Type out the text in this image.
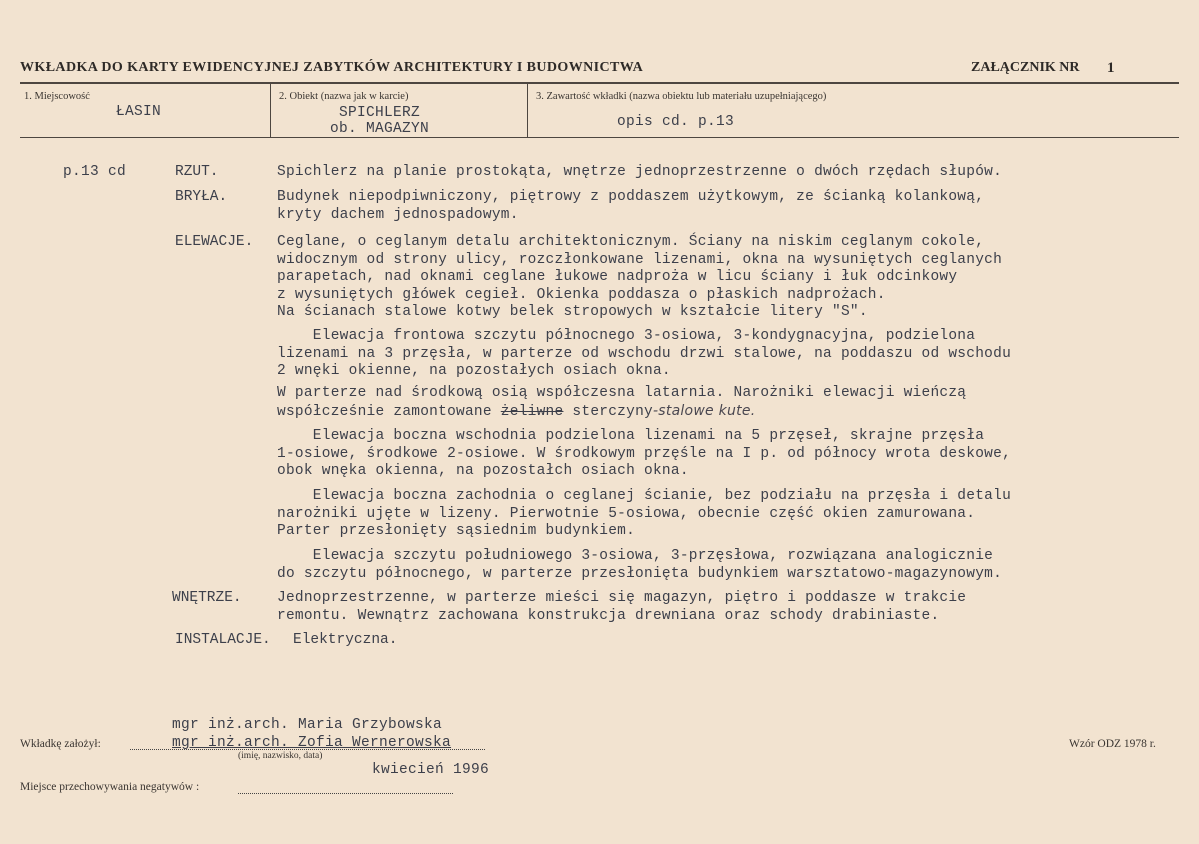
WKŁADKA DO KARTY EWIDENCYJNEJ ZABYTKÓW ARCHITEKTURY I BUDOWNICTWA	ZAŁĄCZNIK NR 1
1. Miejscowość
ŁASIN
2. Obiekt (nazwa jak w karcie)
SPICHLERZ
ob. MAGAZYN
3. Zawartość wkładki (nazwa obiektu lub materiału uzupełniającego)
opis cd. p.13
p.13 cd	RZUT.	Spichlerz na planie prostokąta, wnętrze jednoprzestrzenne o dwóch rzędach słupów.
BRYŁA.	Budynek niepodpiwniczony, piętrowy z poddaszem użytkowym, ze ścianką kolankową,
kryty dachem jednospadowym.
ELEWACJE. Ceglane, o ceglanym detalu architektonicznym. Ściany na niskim ceglanym cokole,
widocznym od strony ulicy, rozczłonkowane lizenami, okna na wysuniętych ceglanych
parapetach, nad oknami ceglane łukowe nadproża w licu ściany i łuk odcinkowy
z wysuniętych główek cegieł. Okienka poddasza o płaskich nadprożach.
Na ścianach stalowe kotwy belek stropowych w kształcie litery "S".
Elewacja frontowa szczytu północnego 3-osiowa, 3-kondygnacyjna, podzielona
lizenami na 3 przęsła, w parterze od wschodu drzwi stalowe, na poddaszu od wschodu
2 wnęki okienne, na pozostałych osiach okna.
W parterze nad środkową osią współczesna latarnia. Narożniki elewacji wieńczą
współcześnie zamontowane żeliwne sterczyny-stalowe kute.
Elewacja boczna wschodnia podzielona lizenami na 5 przęseł, skrajne przęsła
1-osiowe, środkowe 2-osiowe. W środkowym przęśle na I p. od północy wrota deskowe,
obok wnęka okienna, na pozostałch osiach okna.
Elewacja boczna zachodnia o ceglanej ścianie, bez podziału na przęsła i detalu
narożniki ujęte w lizeny. Pierwotnie 5-osiowa, obecnie część okien zamurowana.
Parter przesłonięty sąsiednim budynkiem.
Elewacja szczytu południowego 3-osiowa, 3-przęsłowa, rozwiązana analogicznie
do szczytu północnego, w parterze przesłonięta budynkiem warsztatowo-magazynowym.
WNĘTRZE. Jednoprzestrzenne, w parterze mieści się magazyn, piętro i poddasze w trakcie
remontu. Wewnątrz zachowana konstrukcja drewniana oraz schody drabiniaste.
INSTALACJE. Elektryczna.
mgr inż.arch. Maria Grzybowska
Wkładkę założył:	mgr inż.arch. Zofia Wernerowska
(imię, nazwisko, data)
kwiecień 1996
Miejsce przechowywania negatywów :
Wzór ODZ 1978 r.
